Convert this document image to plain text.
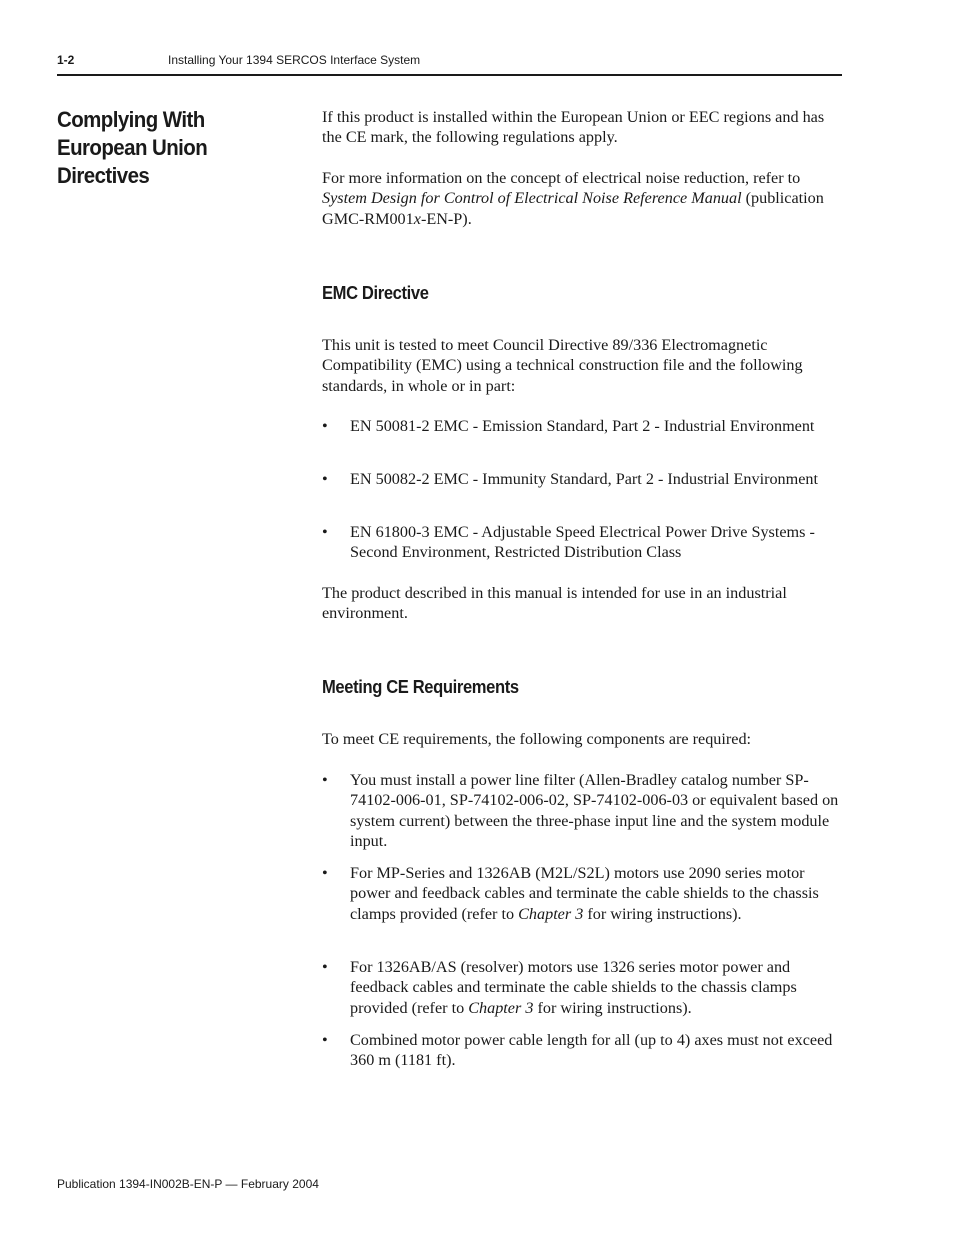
1-2	Installing Your 1394 SERCOS Interface System
Complying With European Union Directives

If this product is installed within the European Union or EEC regions and has the CE mark, the following regulations apply.

For more information on the concept of electrical noise reduction, refer to System Design for Control of Electrical Noise Reference Manual (publication GMC-RM001x-EN-P).

EMC Directive

This unit is tested to meet Council Directive 89/336 Electromagnetic Compatibility (EMC) using a technical construction file and the following standards, in whole or in part:

• EN 50081-2 EMC - Emission Standard, Part 2 - Industrial Environment
• EN 50082-2 EMC - Immunity Standard, Part 2 - Industrial Environment
• EN 61800-3 EMC - Adjustable Speed Electrical Power Drive Systems - Second Environment, Restricted Distribution Class

The product described in this manual is intended for use in an industrial environment.

Meeting CE Requirements

To meet CE requirements, the following components are required:

• You must install a power line filter (Allen-Bradley catalog number SP-74102-006-01, SP-74102-006-02, SP-74102-006-03 or equivalent based on system current) between the three-phase input line and the system module input.
• For MP-Series and 1326AB (M2L/S2L) motors use 2090 series motor power and feedback cables and terminate the cable shields to the chassis clamps provided (refer to Chapter 3 for wiring instructions).
• For 1326AB/AS (resolver) motors use 1326 series motor power and feedback cables and terminate the cable shields to the chassis clamps provided (refer to Chapter 3 for wiring instructions).
• Combined motor power cable length for all (up to 4) axes must not exceed 360 m (1181 ft).
Publication 1394-IN002B-EN-P — February 2004
